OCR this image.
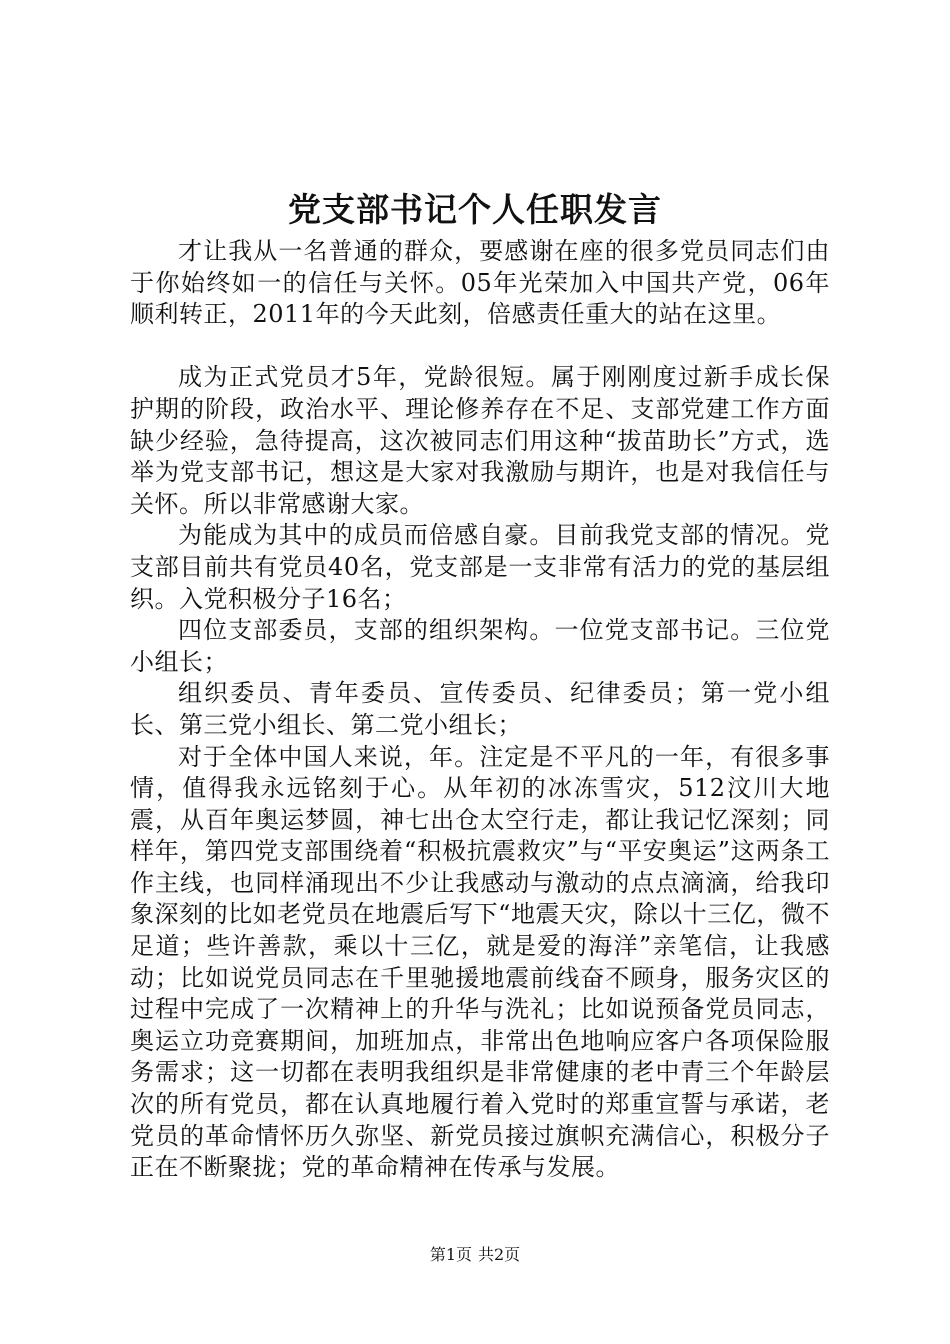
党支部书记个人任职发言

才让我从一名普通的群众，要感谢在座的很多党员同志们由于你始终如一的信任与关怀。05年光荣加入中国共产党，06年顺利转正，2011年的今天此刻，倍感责任重大的站在这里。

成为正式党员才5年，党龄很短。属于刚刚度过新手成长保护期的阶段，政治水平、理论修养存在不足、支部党建工作方面缺少经验，急待提高，这次被同志们用这种“拔苗助长”方式，选举为党支部书记，想这是大家对我激励与期许，也是对我信任与关怀。所以非常感谢大家。

为能成为其中的成员而倍感自豪。目前我党支部的情况。党支部目前共有党员40名，党支部是一支非常有活力的党的基层组织。入党积极分子16名；

四位支部委员，支部的组织架构。一位党支部书记。三位党小组长；

组织委员、青年委员、宣传委员、纪律委员；第一党小组长、第三党小组长、第二党小组长；

对于全体中国人来说，年。注定是不平凡的一年，有很多事情，值得我永远铭刻于心。从年初的冰冻雪灾，512汶川大地震，从百年奥运梦圆，神七出仓太空行走，都让我记忆深刻；同样年，第四党支部围绕着“积极抗震救灾”与“平安奥运”这两条工作主线，也同样涌现出不少让我感动与激动的点点滴滴，给我印象深刻的比如老党员在地震后写下“地震天灾，除以十三亿，微不足道；些许善款，乘以十三亿，就是爱的海洋”亲笔信，让我感动；比如说党员同志在千里驰援地震前线奋不顾身，服务灾区的过程中完成了一次精神上的升华与洗礼；比如说预备党员同志，奥运立功竞赛期间，加班加点，非常出色地响应客户各项保险服务需求；这一切都在表明我组织是非常健康的老中青三个年龄层次的所有党员，都在认真地履行着入党时的郑重宣誓与承诺，老党员的革命情怀历久弥坚、新党员接过旗帜充满信心，积极分子正在不断聚拢；党的革命精神在传承与发展。

第1页 共2页
